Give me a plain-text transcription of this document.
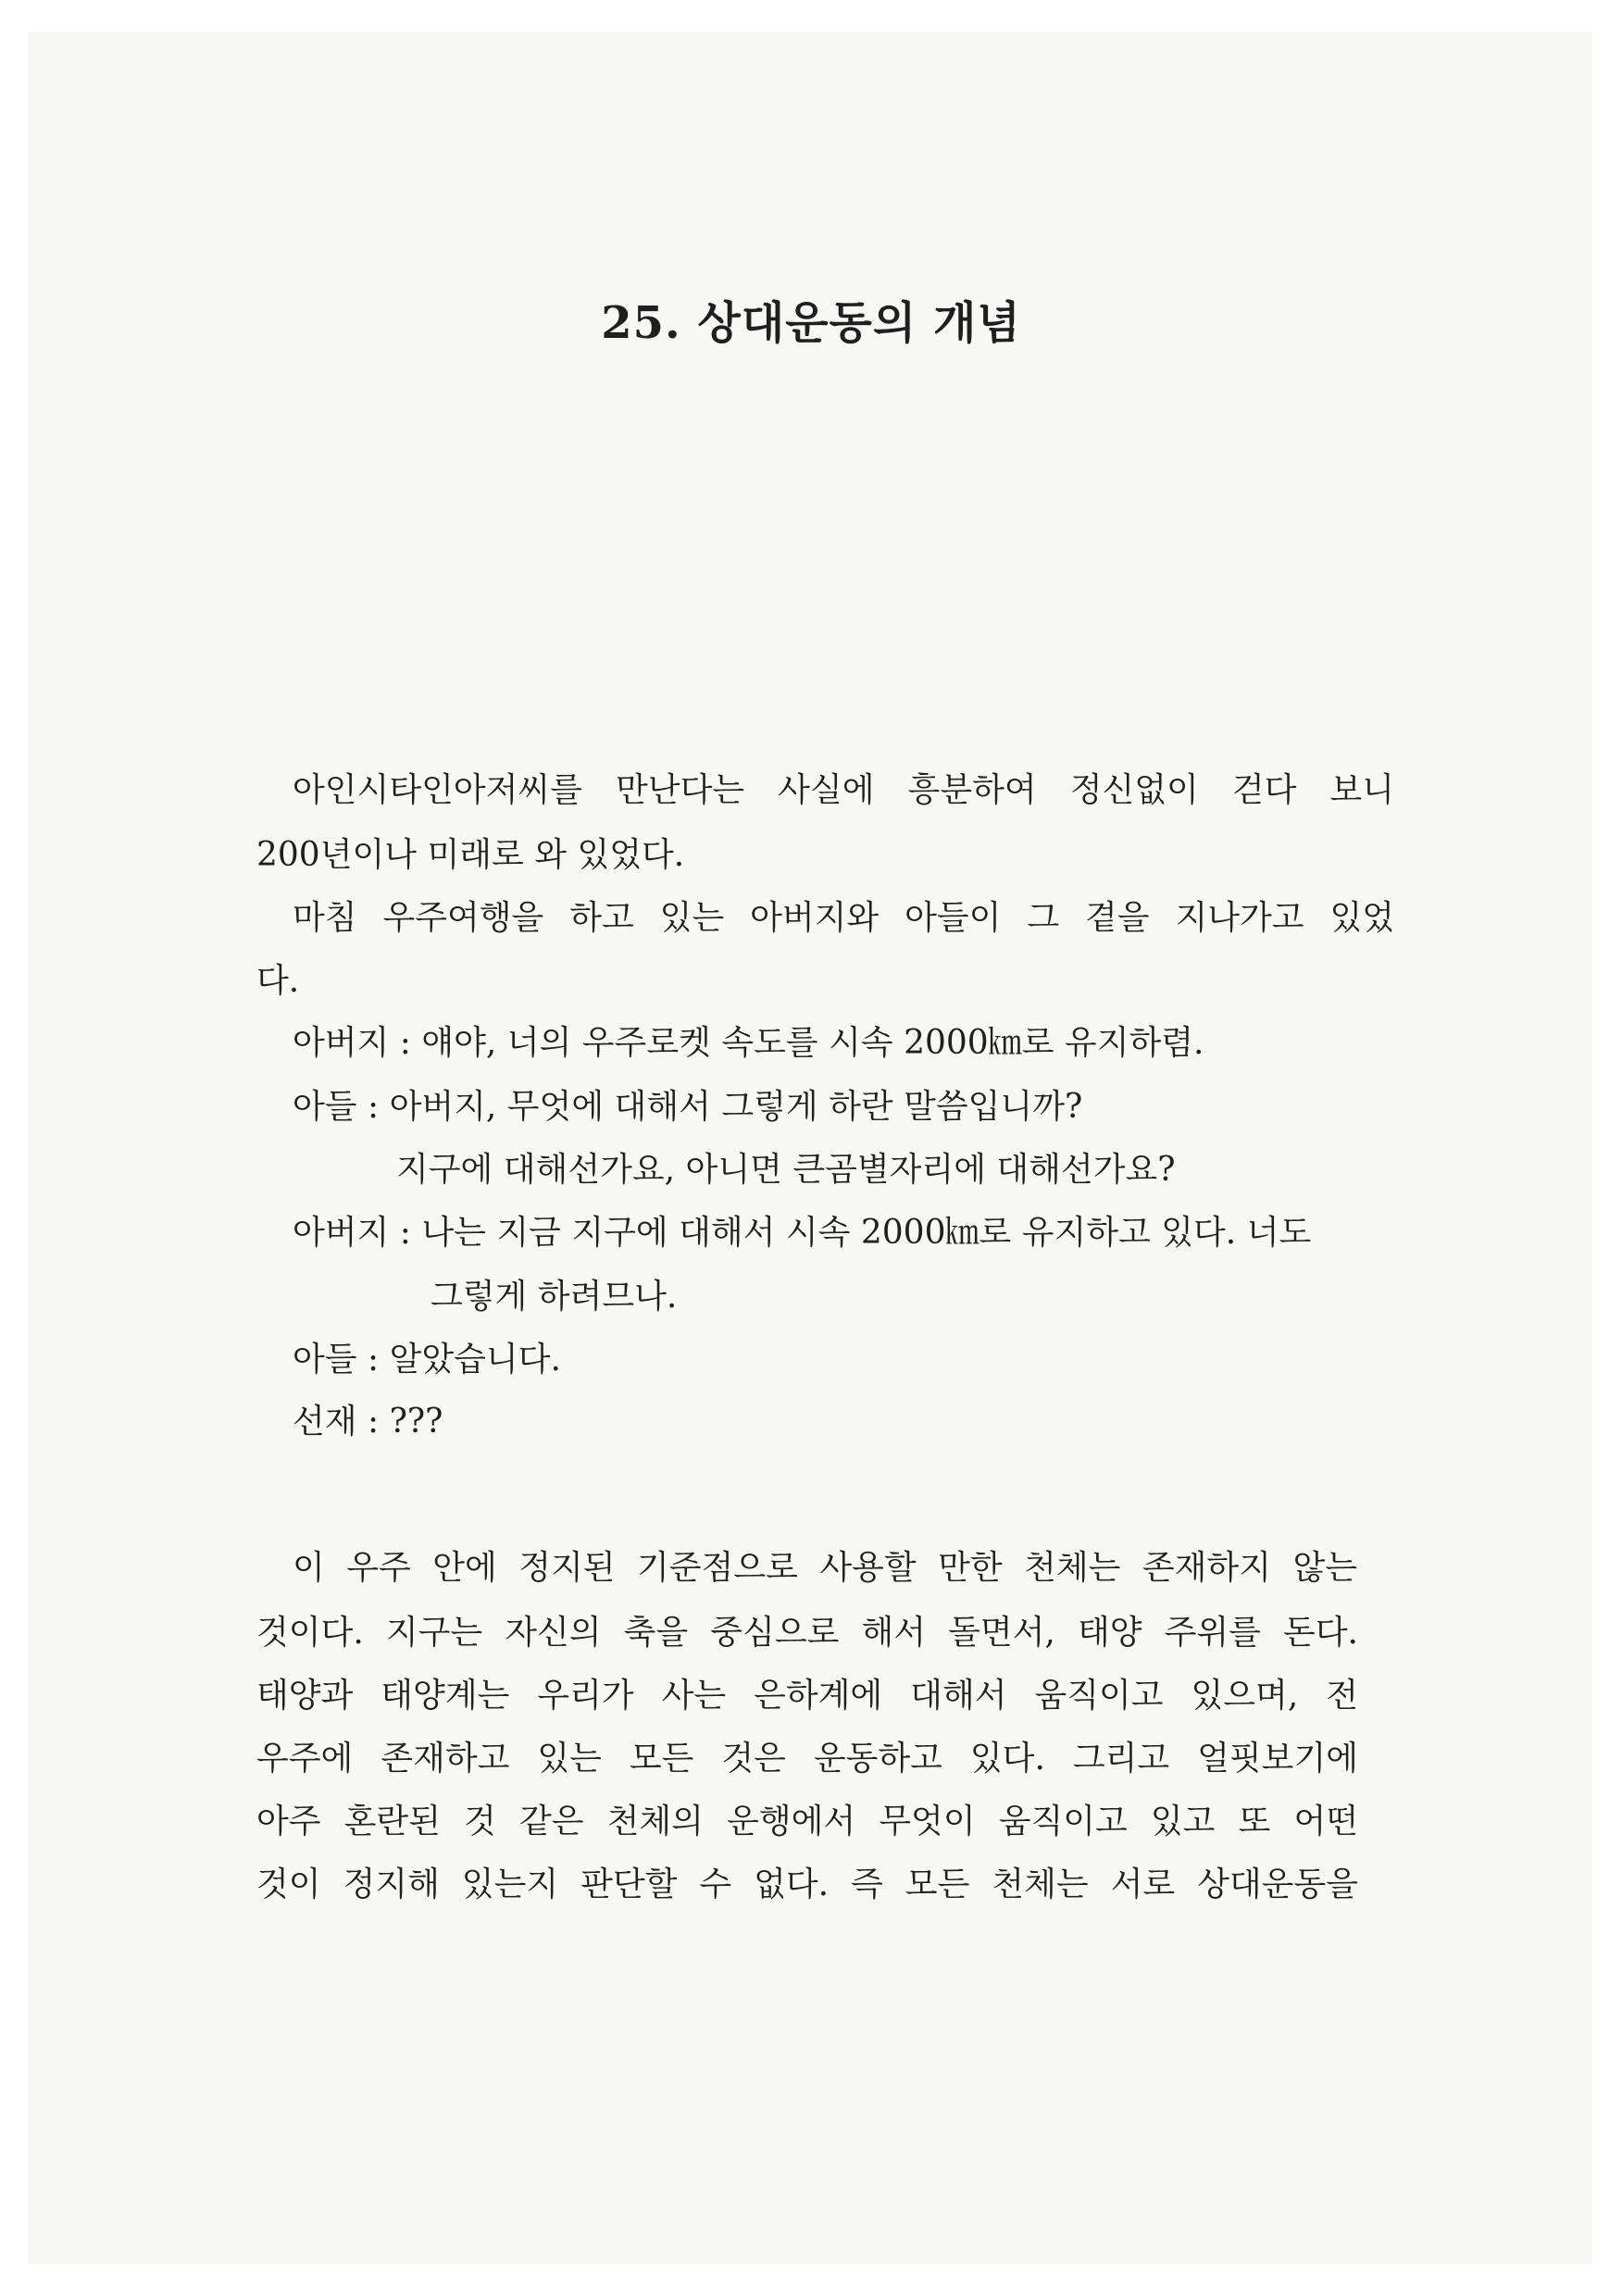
25. 상대운동의 개념

아인시타인아저씨를 만난다는 사실에 흥분하여 정신없이 걷다 보니

200년이나 미래로 와 있었다.

마침 우주여행을 하고 있는 아버지와 아들이 그 곁을 지나가고 있었

다.

아버지 : 얘야, 너의 우주로켓 속도를 시속 2000㎞로 유지하렴.

아들 : 아버지, 무엇에 대해서 그렇게 하란 말씀입니까?

지구에 대해선가요, 아니면 큰곰별자리에 대해선가요?

아버지 : 나는 지금 지구에 대해서 시속 2000㎞로 유지하고 있다. 너도

그렇게 하려므나.

아들 : 알았습니다.

선재 : ???

이 우주 안에 정지된 기준점으로 사용할 만한 천체는 존재하지 않는

것이다. 지구는 자신의 축을 중심으로 해서 돌면서, 태양 주위를 돈다.

태양과 태양계는 우리가 사는 은하계에 대해서 움직이고 있으며, 전

우주에 존재하고 있는 모든 것은 운동하고 있다. 그리고 얼핏보기에

아주 혼란된 것 같은 천체의 운행에서 무엇이 움직이고 있고 또 어떤

것이 정지해 있는지 판단할 수 없다. 즉 모든 천체는 서로 상대운동을
